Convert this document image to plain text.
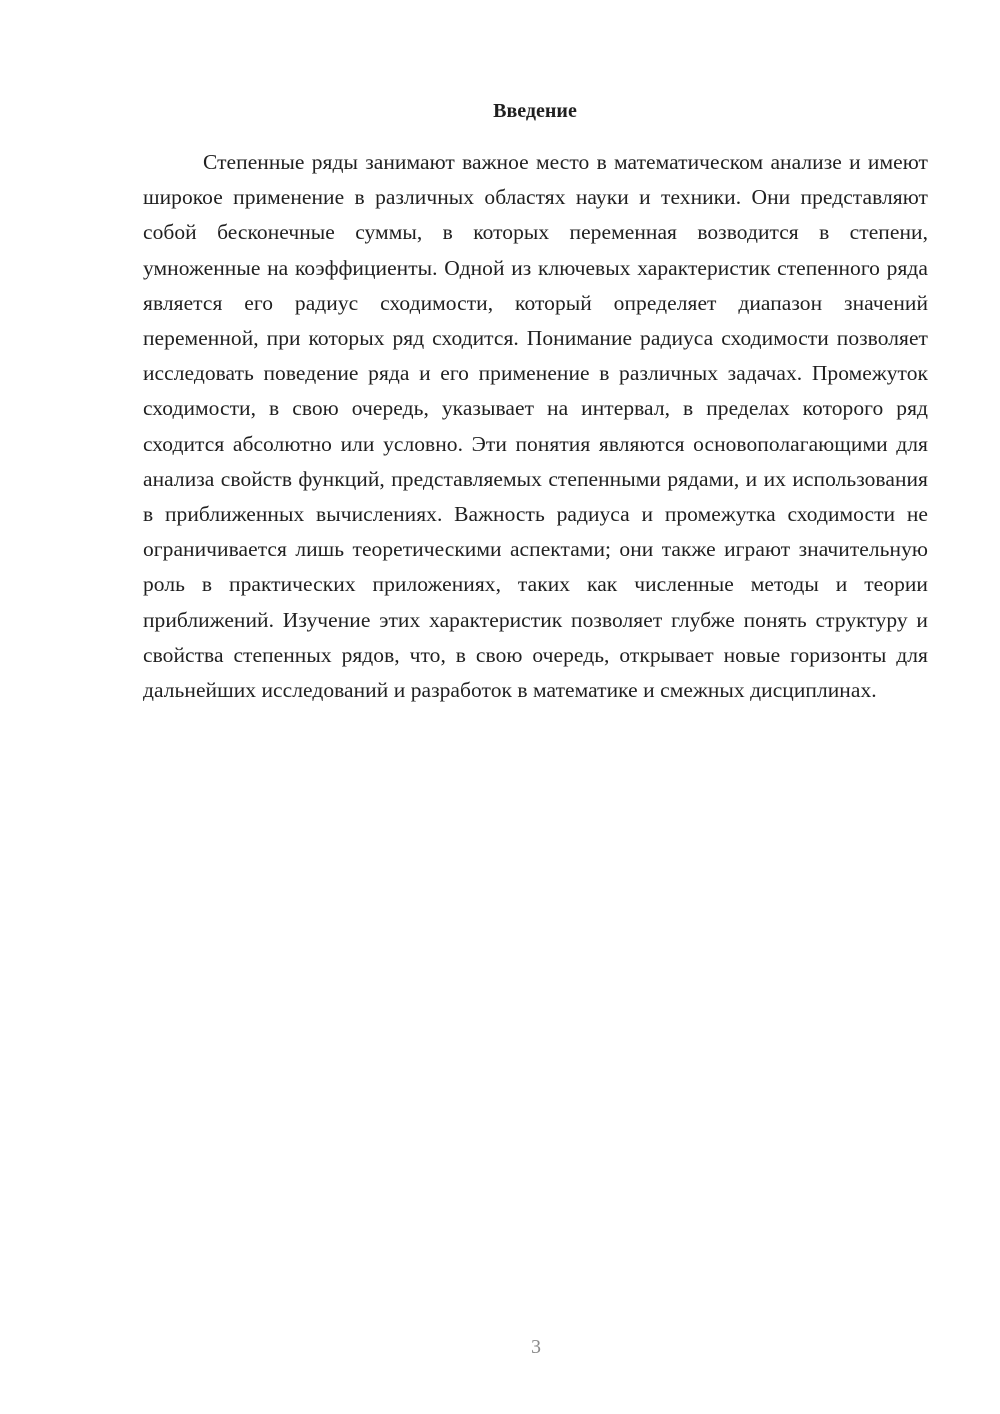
Введение

Степенные ряды занимают важное место в математическом анализе и имеют широкое применение в различных областях науки и техники. Они представляют собой бесконечные суммы, в которых переменная возводится в степени, умноженные на коэффициенты. Одной из ключевых характеристик степенного ряда является его радиус сходимости, который определяет диапазон значений переменной, при которых ряд сходится. Понимание радиуса сходимости позволяет исследовать поведение ряда и его применение в различных задачах. Промежуток сходимости, в свою очередь, указывает на интервал, в пределах которого ряд сходится абсолютно или условно. Эти понятия являются основополагающими для анализа свойств функций, представляемых степенными рядами, и их использования в приближенных вычислениях. Важность радиуса и промежутка сходимости не ограничивается лишь теоретическими аспектами; они также играют значительную роль в практических приложениях, таких как численные методы и теории приближений. Изучение этих характеристик позволяет глубже понять структуру и свойства степенных рядов, что, в свою очередь, открывает новые горизонты для дальнейших исследований и разработок в математике и смежных дисциплинах.

3
